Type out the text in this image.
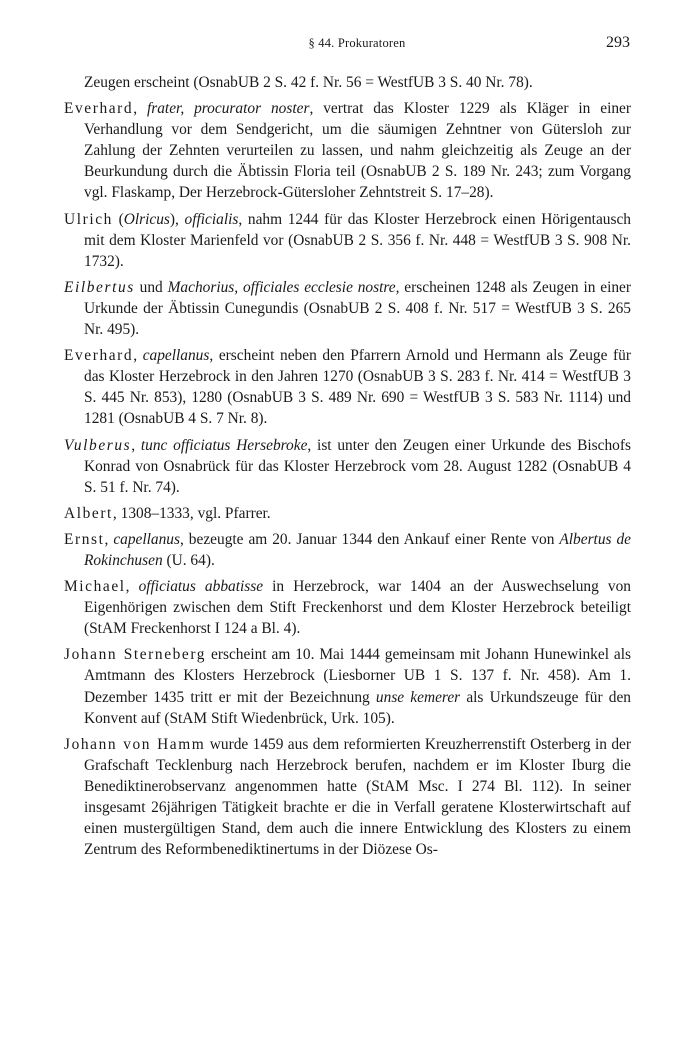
§ 44. Prokuratoren	293

Zeugen erscheint (OsnabUB 2 S. 42 f. Nr. 56 = WestfUB 3 S. 40 Nr. 78).

Everhard, frater, procurator noster, vertrat das Kloster 1229 als Kläger in einer Verhandlung vor dem Sendgericht, um die säumigen Zehntner von Gütersloh zur Zahlung der Zehnten verurteilen zu lassen, und nahm gleichzeitig als Zeuge an der Beurkundung durch die Äbtissin Floria teil (OsnabUB 2 S. 189 Nr. 243; zum Vorgang vgl. Flaskamp, Der Herzebrock-Gütersloher Zehntstreit S. 17–28).

Ulrich (Olricus), officialis, nahm 1244 für das Kloster Herzebrock einen Hörigentausch mit dem Kloster Marienfeld vor (OsnabUB 2 S. 356 f. Nr. 448 = WestfUB 3 S. 908 Nr. 1732).

Eilbertus und Machorius, officiales ecclesie nostre, erscheinen 1248 als Zeugen in einer Urkunde der Äbtissin Cunegundis (OsnabUB 2 S. 408 f. Nr. 517 = WestfUB 3 S. 265 Nr. 495).

Everhard, capellanus, erscheint neben den Pfarrern Arnold und Hermann als Zeuge für das Kloster Herzebrock in den Jahren 1270 (OsnabUB 3 S. 283 f. Nr. 414 = WestfUB 3 S. 445 Nr. 853), 1280 (OsnabUB 3 S. 489 Nr. 690 = WestfUB 3 S. 583 Nr. 1114) und 1281 (OsnabUB 4 S. 7 Nr. 8).

Vulberus, tunc officiatus Hersebroke, ist unter den Zeugen einer Urkunde des Bischofs Konrad von Osnabrück für das Kloster Herzebrock vom 28. August 1282 (OsnabUB 4 S. 51 f. Nr. 74).

Albert, 1308–1333, vgl. Pfarrer.

Ernst, capellanus, bezeugte am 20. Januar 1344 den Ankauf einer Rente von Albertus de Rokinchusen (U. 64).

Michael, officiatus abbatisse in Herzebrock, war 1404 an der Auswechselung von Eigenhörigen zwischen dem Stift Freckenhorst und dem Kloster Herzebrock beteiligt (StAM Freckenhorst I 124 a Bl. 4).

Johann Sterneberg erscheint am 10. Mai 1444 gemeinsam mit Johann Hunewinkel als Amtmann des Klosters Herzebrock (Liesborner UB 1 S. 137 f. Nr. 458). Am 1. Dezember 1435 tritt er mit der Bezeichnung unse kemerer als Urkundszeuge für den Konvent auf (StAM Stift Wiedenbrück, Urk. 105).

Johann von Hamm wurde 1459 aus dem reformierten Kreuzherrenstift Osterberg in der Grafschaft Tecklenburg nach Herzebrock berufen, nachdem er im Kloster Iburg die Benediktinerobservanz angenommen hatte (StAM Msc. I 274 Bl. 112). In seiner insgesamt 26jährigen Tätigkeit brachte er die in Verfall geratene Klosterwirtschaft auf einen mustergültigen Stand, dem auch die innere Entwicklung des Klosters zu einem Zentrum des Reformbenediktinertums in der Diözese Os-
